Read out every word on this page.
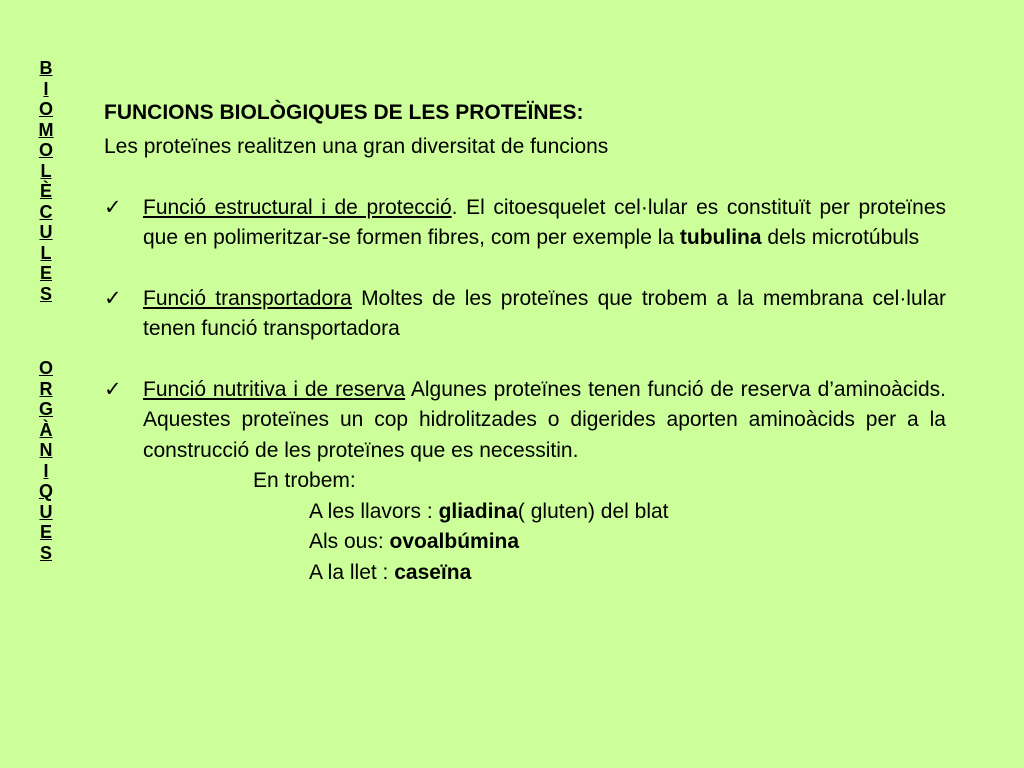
B
I
O
M
O
L
È
C
U
L
E
S
O
R
G
À
N
I
Q
U
E
S
FUNCIONS BIOLÒGIQUES DE LES PROTEÏNES:
Les proteïnes realitzen una gran diversitat de funcions
✓ Funció estructural i de protecció. El citoesquelet cel·lular es constituït per proteïnes que en polimeritzar-se formen fibres, com per exemple la tubulina dels microtúbuls
✓ Funció transportadora Moltes de les proteïnes que trobem a la membrana cel·lular tenen funció transportadora
✓ Funció nutritiva i de reserva Algunes proteïnes tenen funció de reserva d’aminoàcids. Aquestes proteïnes un cop hidrolitzades o digerides aporten aminoàcids per a la construcció de les proteïnes que es necessitin.
En trobem:
A les llavors : gliadina( gluten) del blat
Als ous: ovoalbúmina
A la llet : caseïna
